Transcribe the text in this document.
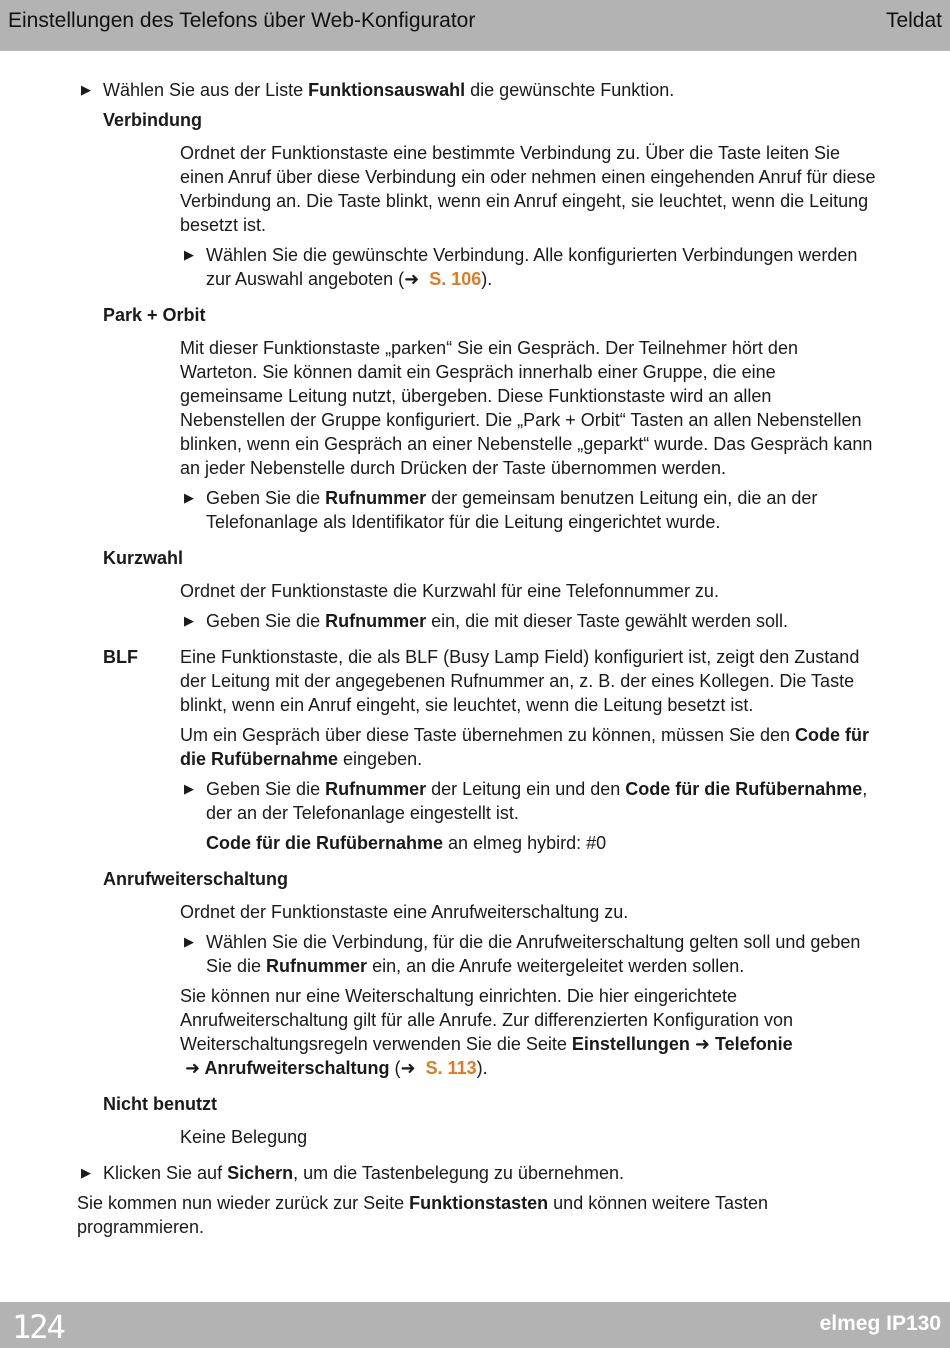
Einstellungen des Telefons über Web-Konfigurator	Teldat

▶ Wählen Sie aus der Liste Funktionsauswahl die gewünschte Funktion.

Verbindung

Ordnet der Funktionstaste eine bestimmte Verbindung zu. Über die Taste leiten Sie einen Anruf über diese Verbindung ein oder nehmen einen eingehenden Anruf für diese Verbindung an. Die Taste blinkt, wenn ein Anruf eingeht, sie leuchtet, wenn die Leitung besetzt ist.

▶ Wählen Sie die gewünschte Verbindung. Alle konfigurierten Verbindungen werden zur Auswahl angeboten (➜ S. 106).

Park + Orbit

Mit dieser Funktionstaste „parken“ Sie ein Gespräch. Der Teilnehmer hört den Warteton. Sie können damit ein Gespräch innerhalb einer Gruppe, die eine gemeinsame Leitung nutzt, übergeben. Diese Funktionstaste wird an allen Nebenstellen der Gruppe konfiguriert. Die „Park + Orbit“ Tasten an allen Nebenstellen blinken, wenn ein Gespräch an einer Nebenstelle „geparkt“ wurde. Das Gespräch kann an jeder Nebenstelle durch Drücken der Taste übernommen werden.

▶ Geben Sie die Rufnummer der gemeinsam benutzen Leitung ein, die an der Telefonanlage als Identifikator für die Leitung eingerichtet wurde.

Kurzwahl

Ordnet der Funktionstaste die Kurzwahl für eine Telefonnummer zu.

▶ Geben Sie die Rufnummer ein, die mit dieser Taste gewählt werden soll.

BLF Eine Funktionstaste, die als BLF (Busy Lamp Field) konfiguriert ist, zeigt den Zustand der Leitung mit der angegebenen Rufnummer an, z. B. der eines Kollegen. Die Taste blinkt, wenn ein Anruf eingeht, sie leuchtet, wenn die Leitung besetzt ist.

Um ein Gespräch über diese Taste übernehmen zu können, müssen Sie den Code für die Rufübernahme eingeben.

▶ Geben Sie die Rufnummer der Leitung ein und den Code für die Rufübernahme, der an der Telefonanlage eingestellt ist.

Code für die Rufübernahme an elmeg hybird: #0

Anrufweiterschaltung

Ordnet der Funktionstaste eine Anrufweiterschaltung zu.

▶ Wählen Sie die Verbindung, für die die Anrufweiterschaltung gelten soll und geben Sie die Rufnummer ein, an die Anrufe weitergeleitet werden sollen.

Sie können nur eine Weiterschaltung einrichten. Die hier eingerichtete Anrufweiterschaltung gilt für alle Anrufe. Zur differenzierten Konfiguration von Weiterschaltungsregeln verwenden Sie die Seite Einstellungen ➜ Telefonie
➜ Anrufweiterschaltung (➜ S. 113).

Nicht benutzt

Keine Belegung

▶ Klicken Sie auf Sichern, um die Tastenbelegung zu übernehmen.

Sie kommen nun wieder zurück zur Seite Funktionstasten und können weitere Tasten programmieren.

124	elmeg IP130
